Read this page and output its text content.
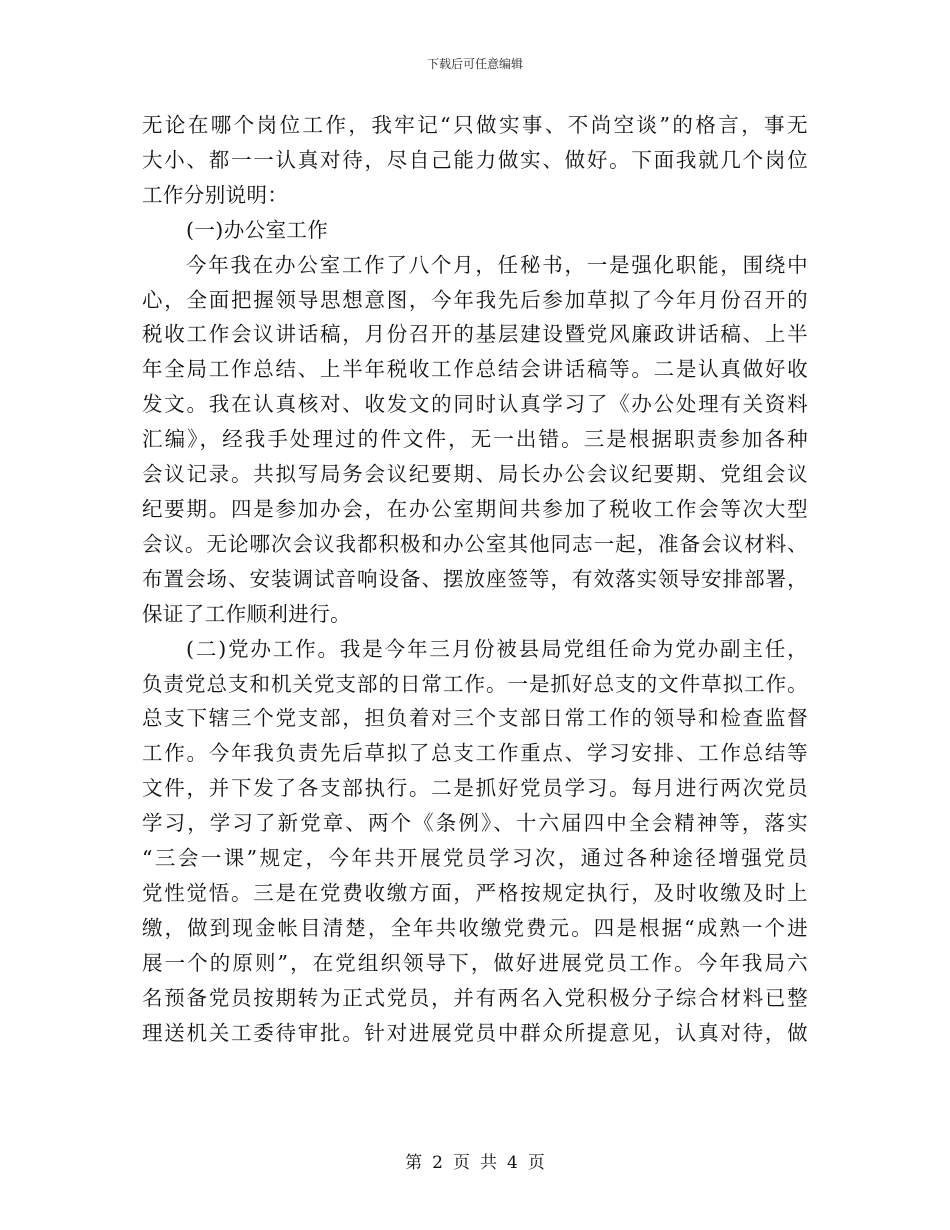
下载后可任意编辑
无论在哪个岗位工作，我牢记“只做实事、不尚空谈”的格言，事无
大小、都一一认真对待，尽自己能力做实、做好。下面我就几个岗位
工作分别说明：
(一)办公室工作
今年我在办公室工作了八个月，任秘书，一是强化职能，围绕中
心，全面把握领导思想意图，今年我先后参加草拟了今年月份召开的
税收工作会议讲话稿，月份召开的基层建设暨党风廉政讲话稿、上半
年全局工作总结、上半年税收工作总结会讲话稿等。二是认真做好收
发文。我在认真核对、收发文的同时认真学习了《办公处理有关资料
汇编》，经我手处理过的件文件，无一出错。三是根据职责参加各种
会议记录。共拟写局务会议纪要期、局长办公会议纪要期、党组会议
纪要期。四是参加办会，在办公室期间共参加了税收工作会等次大型
会议。无论哪次会议我都积极和办公室其他同志一起，准备会议材料、
布置会场、安装调试音响设备、摆放座签等，有效落实领导安排部署，
保证了工作顺利进行。
(二)党办工作。我是今年三月份被县局党组任命为党办副主任，
负责党总支和机关党支部的日常工作。一是抓好总支的文件草拟工作。
总支下辖三个党支部，担负着对三个支部日常工作的领导和检查监督
工作。今年我负责先后草拟了总支工作重点、学习安排、工作总结等
文件，并下发了各支部执行。二是抓好党员学习。每月进行两次党员
学习，学习了新党章、两个《条例》、十六届四中全会精神等，落实
“三会一课”规定，今年共开展党员学习次，通过各种途径增强党员
党性觉悟。三是在党费收缴方面，严格按规定执行，及时收缴及时上
缴，做到现金帐目清楚，全年共收缴党费元。四是根据“成熟一个进
展一个的原则”，在党组织领导下，做好进展党员工作。今年我局六
名预备党员按期转为正式党员，并有两名入党积极分子综合材料已整
理送机关工委待审批。针对进展党员中群众所提意见，认真对待，做
第 2 页 共 4 页
